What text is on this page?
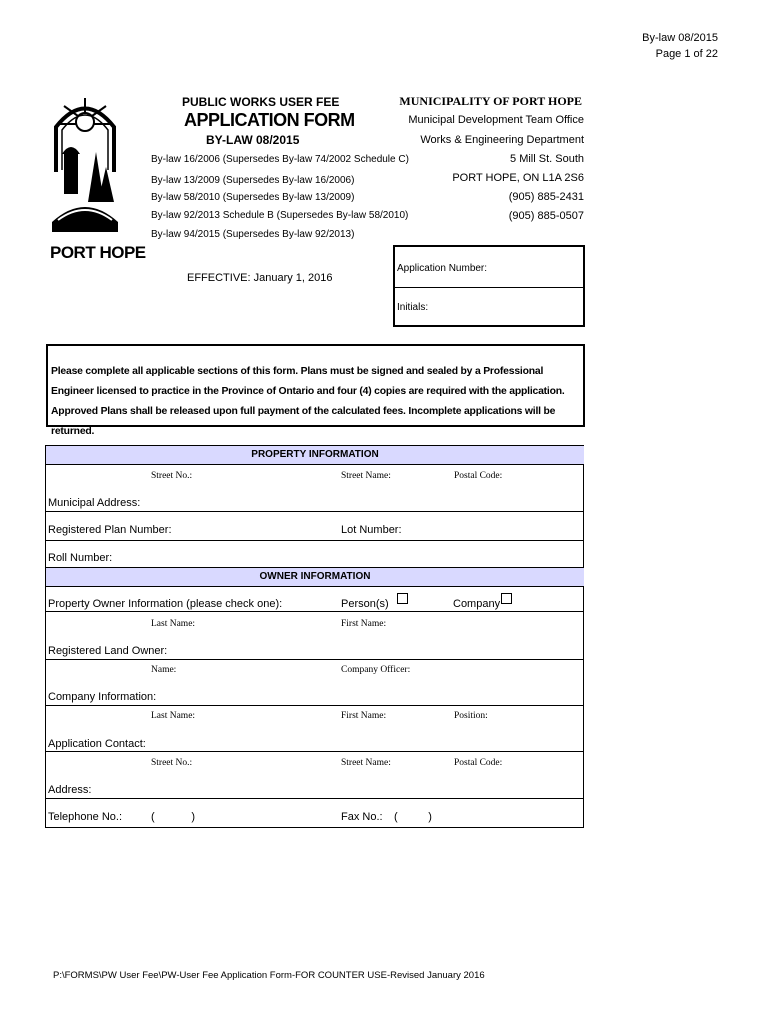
By-law 08/2015
Page 1 of 22
PORT HOPE
PUBLIC WORKS USER FEE
APPLICATION FORM
BY-LAW 08/2015
By-law 16/2006 (Supersedes By-law 74/2002 Schedule C)
By-law 13/2009 (Supersedes By-law 16/2006)
By-law 58/2010 (Supersedes By-law 13/2009)
By-law 92/2013 Schedule B (Supersedes By-law 58/2010)
By-law 94/2015 (Supersedes By-law 92/2013)
EFFECTIVE: January 1, 2016
MUNICIPALITY OF PORT HOPE
Municipal Development Team Office
Works & Engineering Department
5 Mill St. South
PORT HOPE, ON L1A 2S6
(905) 885-2431
(905) 885-0507
Application Number:
Initials:
Please complete all applicable sections of this form. Plans must be signed and sealed by a Professional Engineer licensed to practice in the Province of Ontario and four (4) copies are required with the application. Approved Plans shall be released upon full payment of the calculated fees. Incomplete applications will be returned.
PROPERTY INFORMATION
Street No.:	Street Name:	Postal Code:
Municipal Address:
Registered Plan Number:	Lot Number:
Roll Number:
OWNER INFORMATION
Property Owner Information (please check one):	Person(s)	Company
Last Name:	First Name:
Registered Land Owner:
Name:	Company Officer:
Company Information:
Last Name:	First Name:	Position:
Application Contact:
Street No.:	Street Name:	Postal Code:
Address:
Telephone No.:	(            )	Fax No.: (          )
P:\FORMS\PW User Fee\PW-User Fee Application Form-FOR COUNTER USE-Revised January 2016
